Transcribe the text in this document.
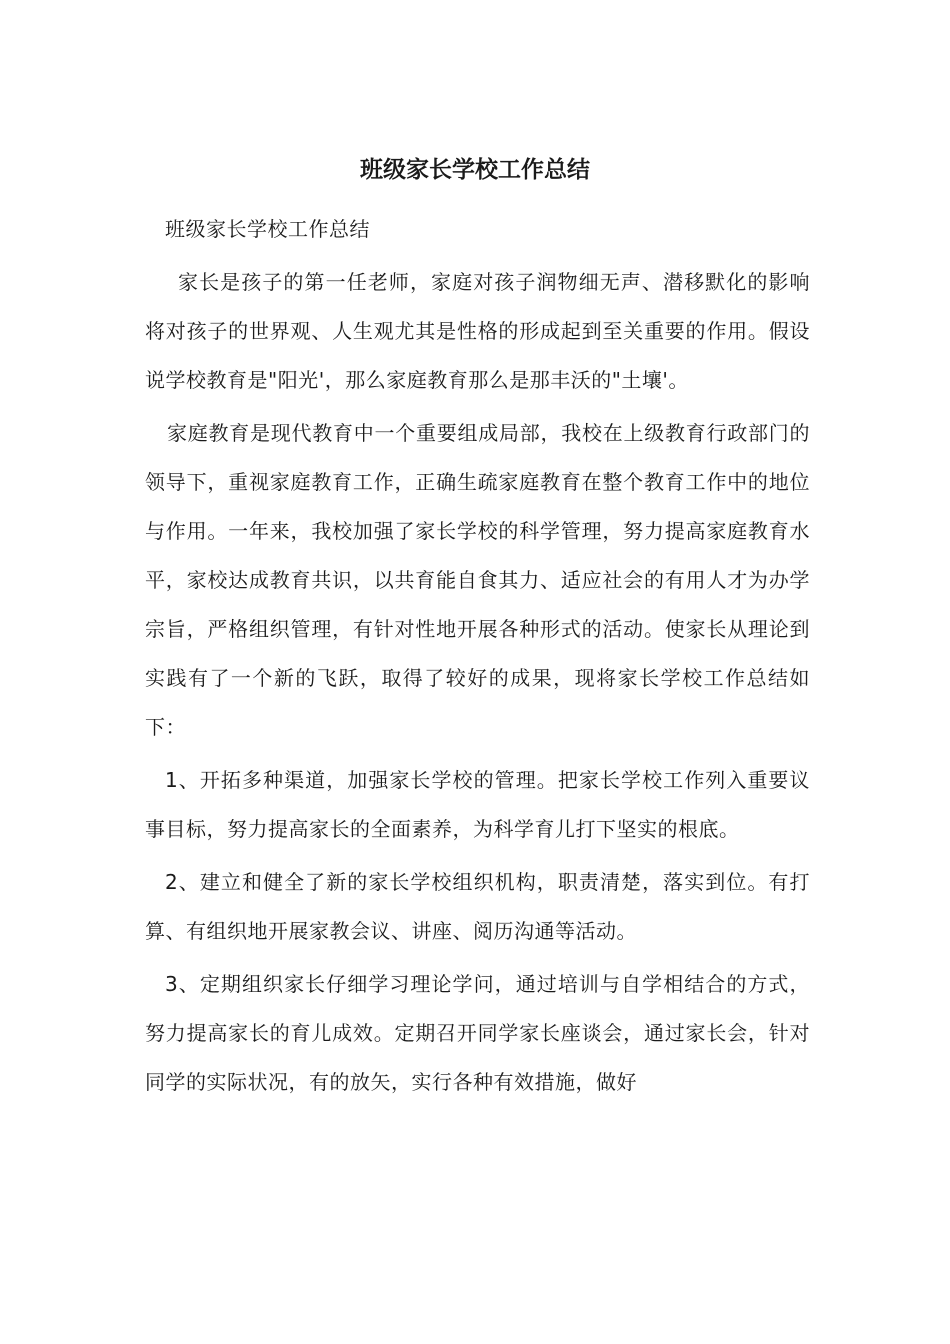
班级家长学校工作总结

班级家长学校工作总结

家长是孩子的第一任老师，家庭对孩子润物细无声、潜移默化的影响将对孩子的世界观、人生观尤其是性格的形成起到至关重要的作用。假设说学校教育是"阳光'，那么家庭教育那么是那丰沃的"土壤'。

家庭教育是现代教育中一个重要组成局部，我校在上级教育行政部门的领导下，重视家庭教育工作，正确生疏家庭教育在整个教育工作中的地位与作用。一年来，我校加强了家长学校的科学管理，努力提高家庭教育水平，家校达成教育共识，以共育能自食其力、适应社会的有用人才为办学宗旨，严格组织管理，有针对性地开展各种形式的活动。使家长从理论到实践有了一个新的飞跃，取得了较好的成果，现将家长学校工作总结如下：

1、开拓多种渠道，加强家长学校的管理。把家长学校工作列入重要议事目标，努力提高家长的全面素养，为科学育儿打下坚实的根底。

2、建立和健全了新的家长学校组织机构，职责清楚，落实到位。有打算、有组织地开展家教会议、讲座、阅历沟通等活动。

3、定期组织家长仔细学习理论学问，通过培训与自学相结合的方式，努力提高家长的育儿成效。定期召开同学家长座谈会，通过家长会，针对同学的实际状况，有的放矢，实行各种有效措施，做好
